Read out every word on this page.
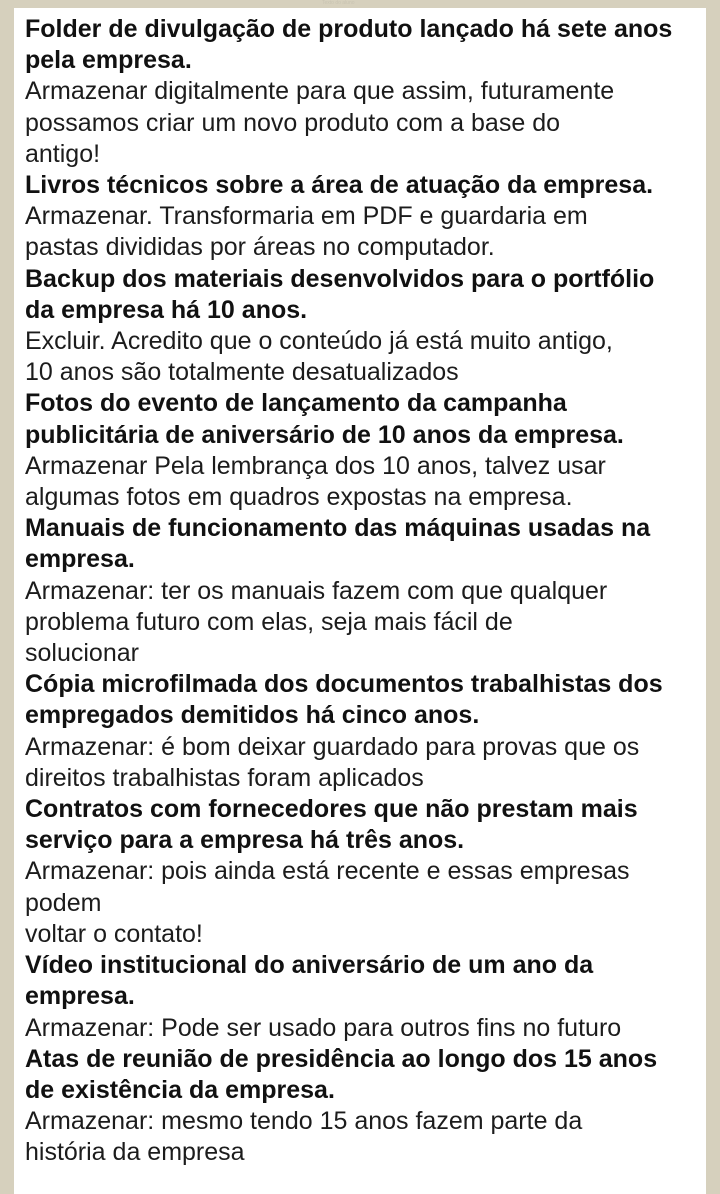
Texto do aluno
Folder de divulgação de produto lançado há sete anos
pela empresa.
Armazenar digitalmente para que assim, futuramente
possamos criar um novo produto com a base do
antigo!
Livros técnicos sobre a área de atuação da empresa.
Armazenar. Transformaria em PDF e guardaria em
pastas divididas por áreas no computador.
Backup dos materiais desenvolvidos para o portfólio
da empresa há 10 anos.
Excluir. Acredito que o conteúdo já está muito antigo,
10 anos são totalmente desatualizados
Fotos do evento de lançamento da campanha
publicitária de aniversário de 10 anos da empresa.
Armazenar Pela lembrança dos 10 anos, talvez usar
algumas fotos em quadros expostas na empresa.
Manuais de funcionamento das máquinas usadas na
empresa.
Armazenar: ter os manuais fazem com que qualquer
problema futuro com elas, seja mais fácil de
solucionar
Cópia microfilmada dos documentos trabalhistas dos
empregados demitidos há cinco anos.
Armazenar: é bom deixar guardado para provas que os
direitos trabalhistas foram aplicados
Contratos com fornecedores que não prestam mais
serviço para a empresa há três anos.
Armazenar: pois ainda está recente e essas empresas
podem
voltar o contato!
Vídeo institucional do aniversário de um ano da
empresa.
Armazenar: Pode ser usado para outros fins no futuro
Atas de reunião de presidência ao longo dos 15 anos
de existência da empresa.
Armazenar: mesmo tendo 15 anos fazem parte da
história da empresa
